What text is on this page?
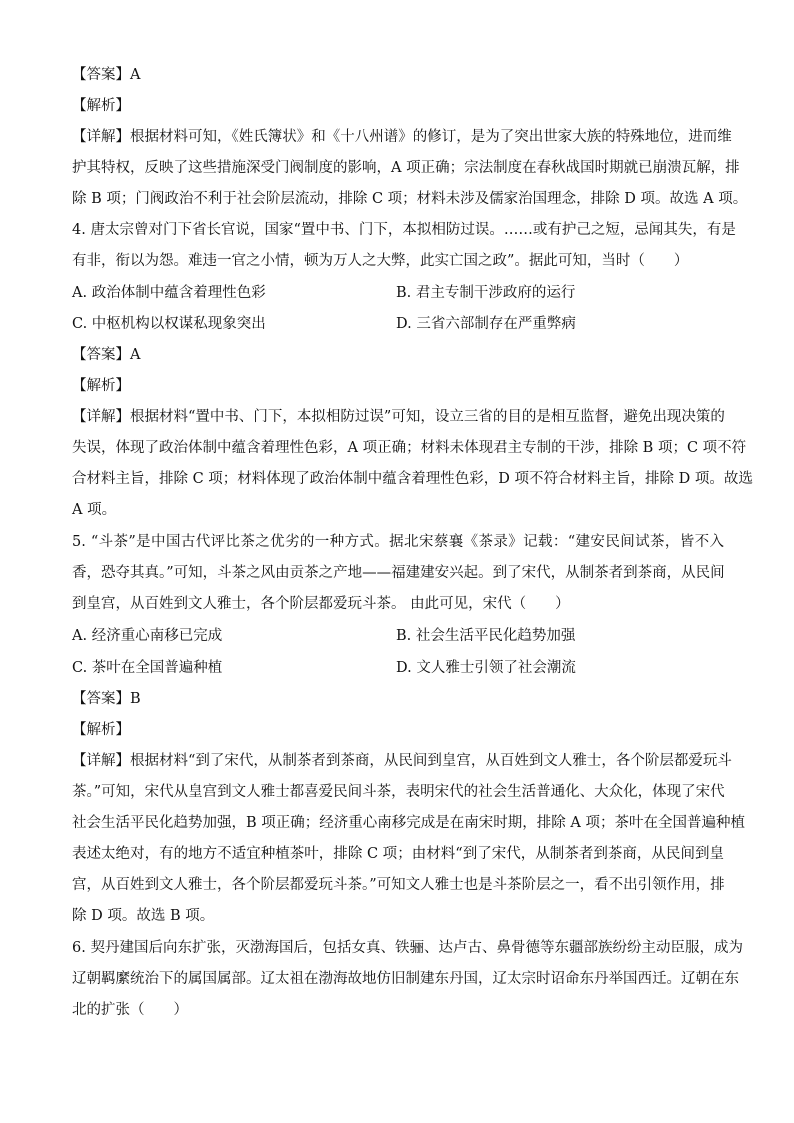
【答案】A
【解析】
【详解】根据材料可知，《姓氏簿状》和《十八州谱》的修订，是为了突出世家大族的特殊地位，进而维
护其特权，反映了这些措施深受门阀制度的影响，A 项正确；宗法制度在春秋战国时期就已崩溃瓦解，排
除 B 项；门阀政治不利于社会阶层流动，排除 C 项；材料未涉及儒家治国理念，排除 D 项。故选 A 项。
4. 唐太宗曾对门下省长官说，国家“置中书、门下，本拟相防过误。……或有护己之短，忌闻其失，有是
有非，衔以为怨。难违一官之小情，顿为万人之大弊，此实亡国之政”。据此可知，当时（　　）
A. 政治体制中蕴含着理性色彩	B. 君主专制干涉政府的运行
C. 中枢机构以权谋私现象突出	D. 三省六部制存在严重弊病
【答案】A
【解析】
【详解】根据材料“置中书、门下，本拟相防过误”可知，设立三省的目的是相互监督，避免出现决策的
失误，体现了政治体制中蕴含着理性色彩，A 项正确；材料未体现君主专制的干涉，排除 B 项；C 项不符
合材料主旨，排除 C 项；材料体现了政治体制中蕴含着理性色彩，D 项不符合材料主旨，排除 D 项。故选
A 项。
5. “斗茶”是中国古代评比茶之优劣的一种方式。据北宋蔡襄《茶录》记载：“建安民间试茶，皆不入
香，恐夺其真。”可知，斗茶之风由贡茶之产地——福建建安兴起。到了宋代，从制茶者到茶商，从民间
到皇宫，从百姓到文人雅士，各个阶层都爱玩斗茶。 由此可见，宋代（　　）
A. 经济重心南移已完成	B. 社会生活平民化趋势加强
C. 茶叶在全国普遍种植	D. 文人雅士引领了社会潮流
【答案】B
【解析】
【详解】根据材料“到了宋代，从制茶者到茶商，从民间到皇宫，从百姓到文人雅士，各个阶层都爱玩斗
茶。”可知，宋代从皇宫到文人雅士都喜爱民间斗茶，表明宋代的社会生活普通化、大众化，体现了宋代
社会生活平民化趋势加强，B 项正确；经济重心南移完成是在南宋时期，排除 A 项；茶叶在全国普遍种植
表述太绝对，有的地方不适宜种植茶叶，排除 C 项；由材料“到了宋代，从制茶者到茶商，从民间到皇
宫，从百姓到文人雅士，各个阶层都爱玩斗茶。”可知文人雅士也是斗茶阶层之一，看不出引领作用，排
除 D 项。故选 B 项。
6. 契丹建国后向东扩张，灭渤海国后，包括女真、铁骊、达卢古、鼻骨德等东疆部族纷纷主动臣服，成为
辽朝羁縻统治下的属国属部。辽太祖在渤海故地仿旧制建东丹国，辽太宗时诏命东丹举国西迁。辽朝在东
北的扩张（　　）
